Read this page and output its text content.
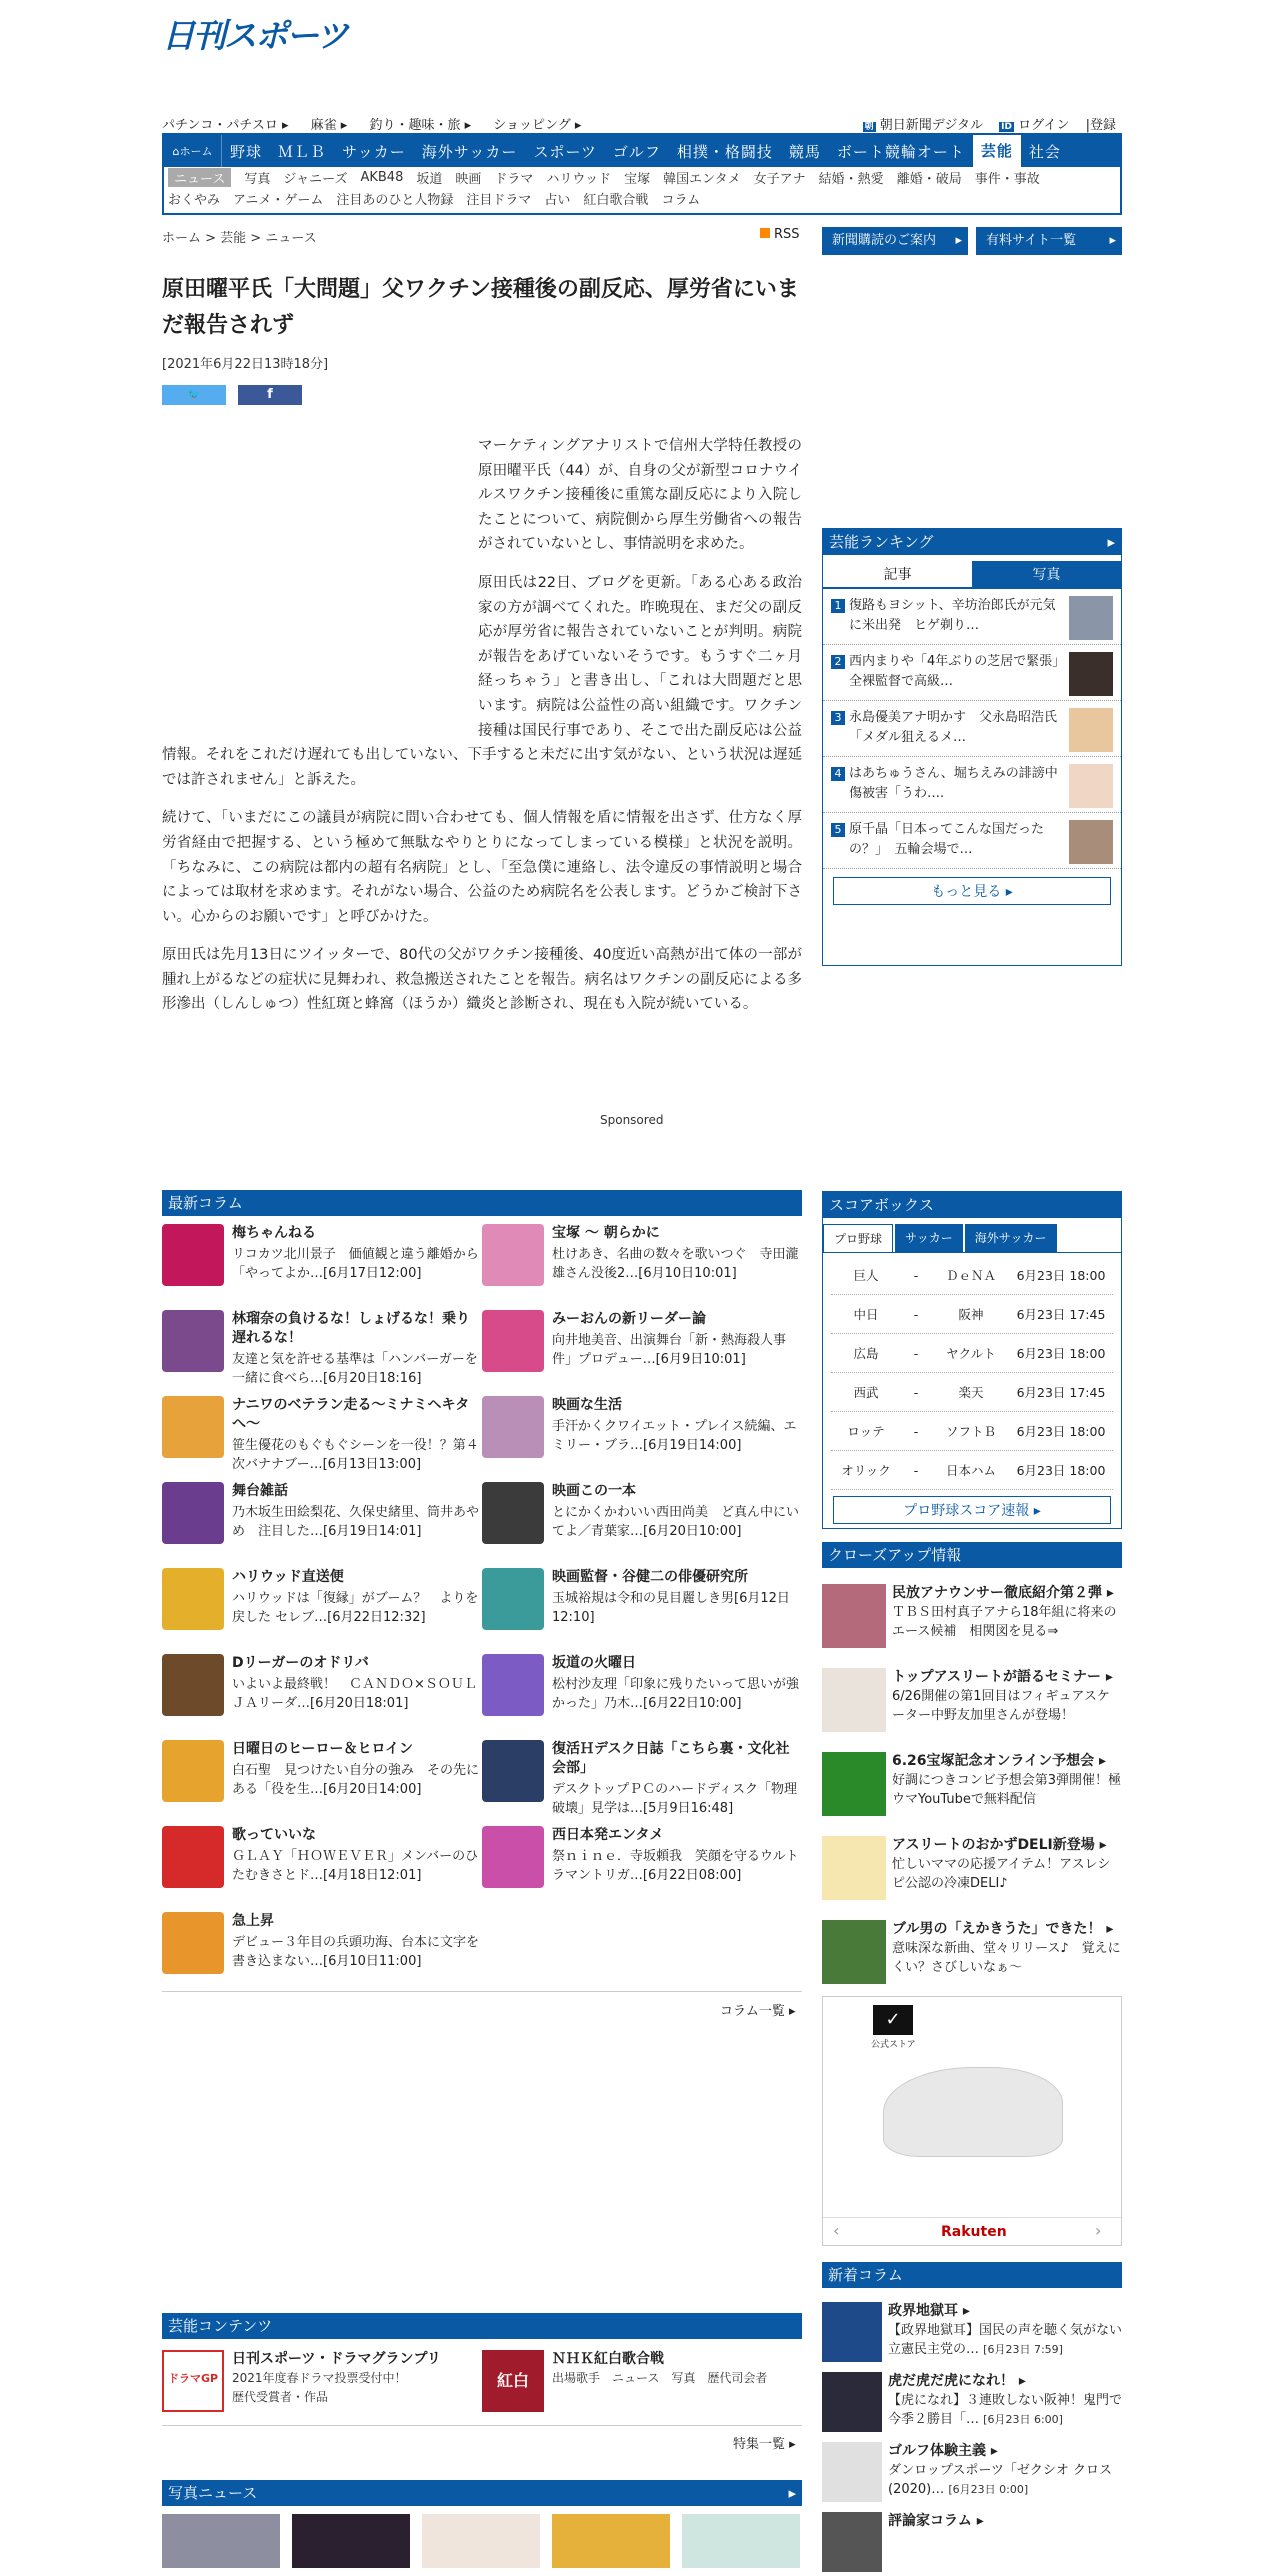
日刊スポーツ
パチンコ・パチスロ ▸ 麻雀 ▸ 釣り・趣味・旅 ▸ ショッピング ▸	朝 朝日新聞デジタル ID ログイン |登録
⌂ ホーム	野球	ＭＬＢ	サッカー	海外サッカー	スポーツ	ゴルフ	相撲・格闘技	競馬	ボート競輪オート	芸能	社会
ニュース	写真 ジャニーズ AKB48 坂道 映画 ドラマ ハリウッド 宝塚 韓国エンタメ 女子アナ 結婚・熱愛 離婚・破局 事件・事故
おくやみ アニメ・ゲーム 注目あのひと人物録 注目ドラマ 占い 紅白歌合戦 コラム
ホーム > 芸能 > ニュース	RSS	新聞購読のご案内 ▸	有料サイト一覧 ▸
原田曜平氏「大問題」父ワクチン接種後の副反応、厚労省にいまだ報告されず
[2021年6月22日13時18分]
🐦	f

マーケティングアナリストで信州大学特任教授の原田曜平氏（44）が、自身の父が新型コロナウイルスワクチン接種後に重篤な副反応により入院したことについて、病院側から厚生労働省への報告がされていないとし、事情説明を求めた。

原田氏は22日、ブログを更新。「ある心ある政治家の方が調べてくれた。昨晩現在、まだ父の副反応が厚労省に報告されていないことが判明。病院が報告をあげていないそうです。もうすぐ二ヶ月経っちゃう」と書き出し、「これは大問題だと思います。病院は公益性の高い組織です。ワクチン接種は国民行事であり、そこで出た副反応は公益情報。それをこれだけ遅れても出していない、下手すると未だに出す気がない、という状況は遅延では許されません」と訴えた。

続けて、「いまだにこの議員が病院に問い合わせても、個人情報を盾に情報を出さず、仕方なく厚労省経由で把握する、という極めて無駄なやりとりになってしまっている模様」と状況を説明。「ちなみに、この病院は都内の超有名病院」とし、「至急僕に連絡し、法令違反の事情説明と場合によっては取材を求めます。それがない場合、公益のため病院名を公表します。どうかご検討下さい。心からのお願いです」と呼びかけた。

原田氏は先月13日にツイッターで、80代の父がワクチン接種後、40度近い高熱が出て体の一部が腫れ上がるなどの症状に見舞われ、救急搬送されたことを報告。病名はワクチンの副反応による多形滲出（しんしゅつ）性紅斑と蜂窩（ほうか）織炎と診断され、現在も入院が続いている。

Sponsored
芸能ランキング	▸
記事	写真
1 復路もヨシット、辛坊治郎氏が元気に米出発　ヒゲ剃り…
2 西内まりや「4年ぶりの芝居で緊張」全裸監督で高級…
3 永島優美アナ明かす　父永島昭浩氏「メダル狙えるメ…
4 はあちゅうさん、堀ちえみの誹謗中傷被害「うわ….
5 原千晶「日本ってこんな国だったの？」　五輪会場で…
もっと見る ▸
最新コラム
梅ちゃんねる
リコカツ北川景子　価値観と違う離婚から「やってよか…[6月17日12:00]
宝塚 ～ 朝らかに
杜けあき、名曲の数々を歌いつぐ　寺田瀧雄さん没後2…[6月10日10:01]
林瑠奈の負けるな！しょげるな！乗り遅れるな！
友達と気を許せる基準は「ハンバーガーを一緒に食べら…[6月20日18:16]
みーおんの新リーダー論
向井地美音、出演舞台「新・熱海殺人事件」プロデュー…[6月9日10:01]
ナニワのベテラン走る～ミナミヘキタへ～
笹生優花のもぐもぐシーンを一役！？第４次バナナブー…[6月13日13:00]
映画な生活
手汗かくクワイエット・プレイス続編、エミリー・ブラ…[6月19日14:00]
舞台雑話
乃木坂生田絵梨花、久保史緒里、筒井あやめ　注目した…[6月19日14:01]
映画この一本
とにかくかわいい西田尚美　ど真ん中にいてよ／青葉家…[6月20日10:00]
ハリウッド直送便
ハリウッドは「復縁」がブーム？　よりを戻した セレブ…[6月22日12:32]
映画監督・谷健二の俳優研究所
玉城裕規は令和の見目麗しき男[6月12日12:10]
Dリーガーのオドリバ
いよいよ最終戦！　ＣＡＮＤＯ×ＳＯＵＬＪＡリーダ…[6月20日18:01]
坂道の火曜日
松村沙友理「印象に残りたいって思いが強かった」乃木…[6月22日10:00]
日曜日のヒーロー＆ヒロイン
白石聖　見つけたい自分の強み　その先にある「役を生…[6月20日14:00]
復活Ｈデスク日誌「こちら裏・文化社会部」
デスクトップＰＣのハードディスク「物理破壊」見学は…[5月9日16:48]
歌っていいな
ＧＬＡＹ「ＨＯＷＥＶＥＲ」メンバーのひたむきさとド…[4月18日12:01]
西日本発エンタメ
祭ｎｉｎｅ．寺坂頼我　笑顔を守るウルトラマントリガ…[6月22日08:00]
急上昇
デビュー３年目の兵頭功海、台本に文字を書き込まない…[6月10日11:00]
コラム一覧 ▸
スコアボックス
プロ野球	サッカー	海外サッカー
巨人	-	ＤｅＮＡ	6月23日 18:00
中日	-	阪神	6月23日 17:45
広島	-	ヤクルト	6月23日 18:00
西武	-	楽天	6月23日 17:45
ロッテ	-	ソフトＢ	6月23日 18:00
オリック	-	日本ハム	6月23日 18:00
プロ野球スコア速報 ▸
クローズアップ情報
民放アナウンサー徹底紹介第２弾 ▸
ＴＢＳ田村真子アナら18年組に将来のエース候補　相関図を見る⇒
トップアスリートが語るセミナー ▸
6/26開催の第1回目はフィギュアスケーター中野友加里さんが登場！
6.26宝塚記念オンライン予想会 ▸
好調につきコンビ予想会第3弾開催！極ウマYouTubeで無料配信
アスリートのおかずDELI新登場 ▸
忙しいママの応援アイテム！アスレシピ公認の冷凍DELI♪
ブル男の「えかきうた」できた！ ▸
意味深な新曲、堂々リリース♪　覚えにくい？さびしいなぁ～
✓
公式ストア
‹	Rakuten	›
新着コラム
政界地獄耳 ▸
【政界地獄耳】国民の声を聴く気がない立憲民主党の… [6月23日 7:59]
虎だ虎だ虎になれ！ ▸
【虎になれ】３連敗しない阪神！鬼門で今季２勝目「… [6月23日 6:00]
ゴルフ体験主義 ▸
ダンロップスポーツ「ゼクシオ クロス(2020)… [6月23日 0:00]
評論家コラム ▸
芸能コンテンツ
ドラマGP
日刊スポーツ・ドラマグランプリ
2021年度春ドラマ投票受付中！
歴代受賞者・作品
紅白
ＮＨＫ紅白歌合戦
出場歌手　ニュース　写真　歴代司会者
特集一覧 ▸
写真ニュース	▸
